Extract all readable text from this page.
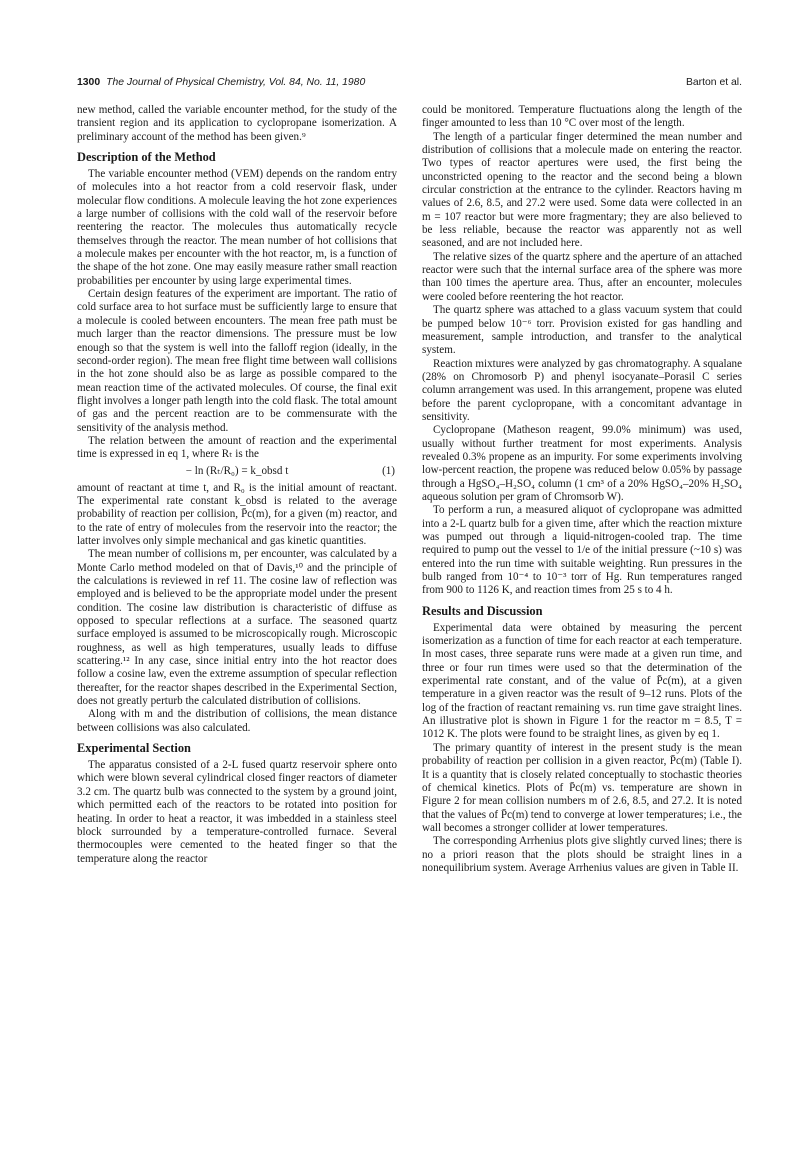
1300 The Journal of Physical Chemistry, Vol. 84, No. 11, 1980	Barton et al.

new method, called the variable encounter method, for the study of the transient region and its application to cyclopropane isomerization. A preliminary account of the method has been given.⁹

Description of the Method

The variable encounter method (VEM) depends on the random entry of molecules into a hot reactor from a cold reservoir flask, under molecular flow conditions. A molecule leaving the hot zone experiences a large number of collisions with the cold wall of the reservoir before reentering the reactor. The molecules thus automatically recycle themselves through the reactor. The mean number of hot collisions that a molecule makes per encounter with the hot reactor, m, is a function of the shape of the hot zone. One may easily measure rather small reaction probabilities per encounter by using large experimental times.

Certain design features of the experiment are important. The ratio of cold surface area to hot surface must be sufficiently large to ensure that a molecule is cooled between encounters. The mean free path must be much larger than the reactor dimensions. The pressure must be low enough so that the system is well into the falloff region (ideally, in the second-order region). The mean free flight time between wall collisions in the hot zone should also be as large as possible compared to the mean reaction time of the activated molecules. Of course, the final exit flight involves a longer path length into the cold flask. The total amount of gas and the percent reaction are to be commensurate with the sensitivity of the analysis method.

The relation between the amount of reaction and the experimental time is expressed in eq 1, where Rₜ is the

− ln (Rₜ/R₀) = k_obsd t	(1)

amount of reactant at time t, and R₀ is the initial amount of reactant. The experimental rate constant k_obsd is related to the average probability of reaction per collision, P̄c(m), for a given (m) reactor, and to the rate of entry of molecules from the reservoir into the reactor; the latter involves only simple mechanical and gas kinetic quantities.

The mean number of collisions m, per encounter, was calculated by a Monte Carlo method modeled on that of Davis,¹⁰ and the principle of the calculations is reviewed in ref 11. The cosine law of reflection was employed and is believed to be the appropriate model under the present condition. The cosine law distribution is characteristic of diffuse as opposed to specular reflections at a surface. The seasoned quartz surface employed is assumed to be microscopically rough. Microscopic roughness, as well as high temperatures, usually leads to diffuse scattering.¹² In any case, since initial entry into the hot reactor does follow a cosine law, even the extreme assumption of specular reflection thereafter, for the reactor shapes described in the Experimental Section, does not greatly perturb the calculated distribution of collisions.

Along with m and the distribution of collisions, the mean distance between collisions was also calculated.

Experimental Section

The apparatus consisted of a 2-L fused quartz reservoir sphere onto which were blown several cylindrical closed finger reactors of diameter 3.2 cm. The quartz bulb was connected to the system by a ground joint, which permitted each of the reactors to be rotated into position for heating. In order to heat a reactor, it was imbedded in a stainless steel block surrounded by a temperature-controlled furnace. Several thermocouples were cemented to the heated finger so that the temperature along the reactor

could be monitored. Temperature fluctuations along the length of the finger amounted to less than 10 °C over most of the length.

The length of a particular finger determined the mean number and distribution of collisions that a molecule made on entering the reactor. Two types of reactor apertures were used, the first being the unconstricted opening to the reactor and the second being a blown circular constriction at the entrance to the cylinder. Reactors having m values of 2.6, 8.5, and 27.2 were used. Some data were collected in an m = 107 reactor but were more fragmentary; they are also believed to be less reliable, because the reactor was apparently not as well seasoned, and are not included here.

The relative sizes of the quartz sphere and the aperture of an attached reactor were such that the internal surface area of the sphere was more than 100 times the aperture area. Thus, after an encounter, molecules were cooled before reentering the hot reactor.

The quartz sphere was attached to a glass vacuum system that could be pumped below 10⁻⁶ torr. Provision existed for gas handling and measurement, sample introduction, and transfer to the analytical system.

Reaction mixtures were analyzed by gas chromatography. A squalane (28% on Chromosorb P) and phenyl isocyanate–Porasil C series column arrangement was used. In this arrangement, propene was eluted before the parent cyclopropane, with a concomitant advantage in sensitivity.

Cyclopropane (Matheson reagent, 99.0% minimum) was used, usually without further treatment for most experiments. Analysis revealed 0.3% propene as an impurity. For some experiments involving low-percent reaction, the propene was reduced below 0.05% by passage through a HgSO₄–H₂SO₄ column (1 cm³ of a 20% HgSO₄–20% H₂SO₄ aqueous solution per gram of Chromsorb W).

To perform a run, a measured aliquot of cyclopropane was admitted into a 2-L quartz bulb for a given time, after which the reaction mixture was pumped out through a liquid-nitrogen-cooled trap. The time required to pump out the vessel to 1/e of the initial pressure (~10 s) was entered into the run time with suitable weighting. Run pressures in the bulb ranged from 10⁻⁴ to 10⁻³ torr of Hg. Run temperatures ranged from 900 to 1126 K, and reaction times from 25 s to 4 h.

Results and Discussion

Experimental data were obtained by measuring the percent isomerization as a function of time for each reactor at each temperature. In most cases, three separate runs were made at a given run time, and three or four run times were used so that the determination of the experimental rate constant, and of the value of P̄c(m), at a given temperature in a given reactor was the result of 9–12 runs. Plots of the log of the fraction of reactant remaining vs. run time gave straight lines. An illustrative plot is shown in Figure 1 for the reactor m = 8.5, T = 1012 K. The plots were found to be straight lines, as given by eq 1.

The primary quantity of interest in the present study is the mean probability of reaction per collision in a given reactor, P̄c(m) (Table I). It is a quantity that is closely related conceptually to stochastic theories of chemical kinetics. Plots of P̄c(m) vs. temperature are shown in Figure 2 for mean collision numbers m of 2.6, 8.5, and 27.2. It is noted that the values of P̄c(m) tend to converge at lower temperatures; i.e., the wall becomes a stronger collider at lower temperatures.

The corresponding Arrhenius plots give slightly curved lines; there is no a priori reason that the plots should be straight lines in a nonequilibrium system. Average Arrhenius values are given in Table II.
